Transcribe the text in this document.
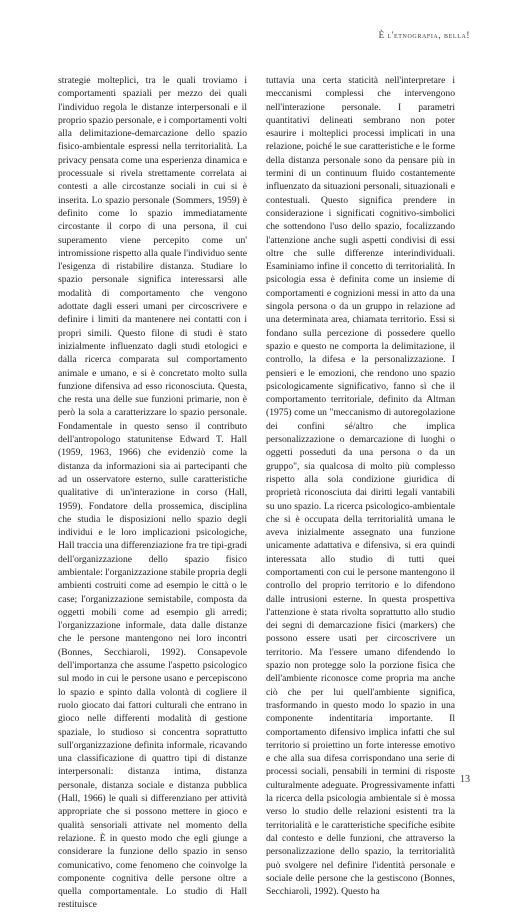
È l'etnografia, bella!

strategie molteplici, tra le quali troviamo i comportamenti spaziali per mezzo dei quali l'individuo regola le distanze interpersonali e il proprio spazio personale, e i comportamenti volti alla delimitazione-demarcazione dello spazio fisico-ambientale espressi nella territorialità. La privacy pensata come una esperienza dinamica e processuale si rivela strettamente correlata ai contesti a alle circostanze sociali in cui si è inserita. Lo spazio personale (Sommers, 1959) è definito come lo spazio immediatamente circostante il corpo di una persona, il cui superamento viene percepito come un' intromissione rispetto alla quale l'individuo sente l'esigenza di ristabilire distanza. Studiare lo spazio personale significa interessarsi alle modalità di comportamento che vengono adottate dagli esseri umani per circoscrivere e definire i limiti da mantenere nei contatti con i propri simili. Questo filone di studi è stato inizialmente influenzato dagli studi etologici e dalla ricerca comparata sul comportamento animale e umano, e si è concretato molto sulla funzione difensiva ad esso riconosciuta. Questa, che resta una delle sue funzioni primarie, non è però la sola a caratterizzare lo spazio personale. Fondamentale in questo senso il contributo dell'antropologo statunitense Edward T. Hall (1959, 1963, 1966) che evidenziò come la distanza da informazioni sia ai partecipanti che ad un osservatore esterno, sulle caratteristiche qualitative di un'interazione in corso (Hall, 1959). Fondatore della prossemica, disciplina che studia le disposizioni nello spazio degli individui e le loro implicazioni psicologiche, Hall traccia una differenziazione fra tre tipi-gradi dell'organizzazione dello spazio fisico ambientale: l'organizzazione stabile propria degli ambienti costruiti come ad esempio le città o le case; l'organizzazione semistabile, composta da oggetti mobili come ad esempio gli arredi; l'organizzazione informale, data dalle distanze che le persone mantengono nei loro incontri (Bonnes, Secchiaroli, 1992). Consapevole dell'importanza che assume l'aspetto psicologico sul modo in cui le persone usano e percepiscono lo spazio e spinto dalla volontà di cogliere il ruolo giocato dai fattori culturali che entrano in gioco nelle differenti modalità di gestione spaziale, lo studioso si concentra soprattutto sull'organizzazione definita informale, ricavando una classificazione di quattro tipi di distanze interpersonali: distanza intima, distanza personale, distanza sociale e distanza pubblica (Hall, 1966) le quali si differenziano per attività appropriate che si possono mettere in gioco e qualità sensoriali attivate nel momento della relazione. È in questo modo che egli giunge a considerare la funzione dello spazio in senso comunicativo, come fenomeno che coinvolge la componente cognitiva delle persone oltre a quella comportamentale. Lo studio di Hall restituisce

tuttavia una certa staticità nell'interpretare i meccanismi complessi che intervengono nell'interazione personale. I parametri quantitativi delineati sembrano non poter esaurire i molteplici processi implicati in una relazione, poiché le sue caratteristiche e le forme della distanza personale sono da pensare più in termini di un continuum fluido costantemente influenzato da situazioni personali, situazionali e contestuali. Questo significa prendere in considerazione i significati cognitivo-simbolici che sottendono l'uso dello spazio, focalizzando l'attenzione anche sugli aspetti condivisi di essi oltre che sulle differenze interindividuali. Esaminiamo infine il concetto di territorialità. In psicologia essa è definita come un insieme di comportamenti e cognizioni messi in atto da una singola persona o da un gruppo in relazione ad una determinata area, chiamata territorio. Essi si fondano sulla percezione di possedere quello spazio e questo ne comporta la delimitazione, il controllo, la difesa e la personalizzazione. I pensieri e le emozioni, che rendono uno spazio psicologicamente significativo, fanno sì che il comportamento territoriale, definito da Altman (1975) come un "meccanismo di autoregolazione dei confini sé/altro che implica personalizzazione o demarcazione di luoghi o oggetti posseduti da una persona o da un gruppo", sia qualcosa di molto più complesso rispetto alla sola condizione giuridica di proprietà riconosciuta dai diritti legali vantabili su uno spazio. La ricerca psicologico-ambientale che si è occupata della territorialità umana le aveva inizialmente assegnato una funzione unicamente adattativa e difensiva, si era quindi interessata allo studio di tutti quei comportamenti con cui le persone mantengono il controllo del proprio territorio e lo difendono dalle intrusioni esterne. In questa prospettiva l'attenzione è stata rivolta soprattutto allo studio dei segni di demarcazione fisici (markers) che possono essere usati per circoscrivere un territorio. Ma l'essere umano difendendo lo spazio non protegge solo la porzione fisica che dell'ambiente riconosce come propria ma anche ciò che per lui quell'ambiente significa, trasformando in questo modo lo spazio in una componente indentitaria importante. Il comportamento difensivo implica infatti che sul territorio si proiettino un forte interesse emotivo e che alla sua difesa corrispondano una serie di processi sociali, pensabili in termini di risposte culturalmente adeguate. Progressivamente infatti la ricerca della psicologia ambientale si è mossa verso lo studio delle relazioni esistenti tra la territorialità e le caratteristiche specifiche esibite dal contesto e delle funzioni, che attraverso la personalizzazione dello spazio, la territorialità può svolgere nel definire l'identità personale e sociale delle persone che la gestiscono (Bonnes, Secchiaroli, 1992). Questo ha

13
